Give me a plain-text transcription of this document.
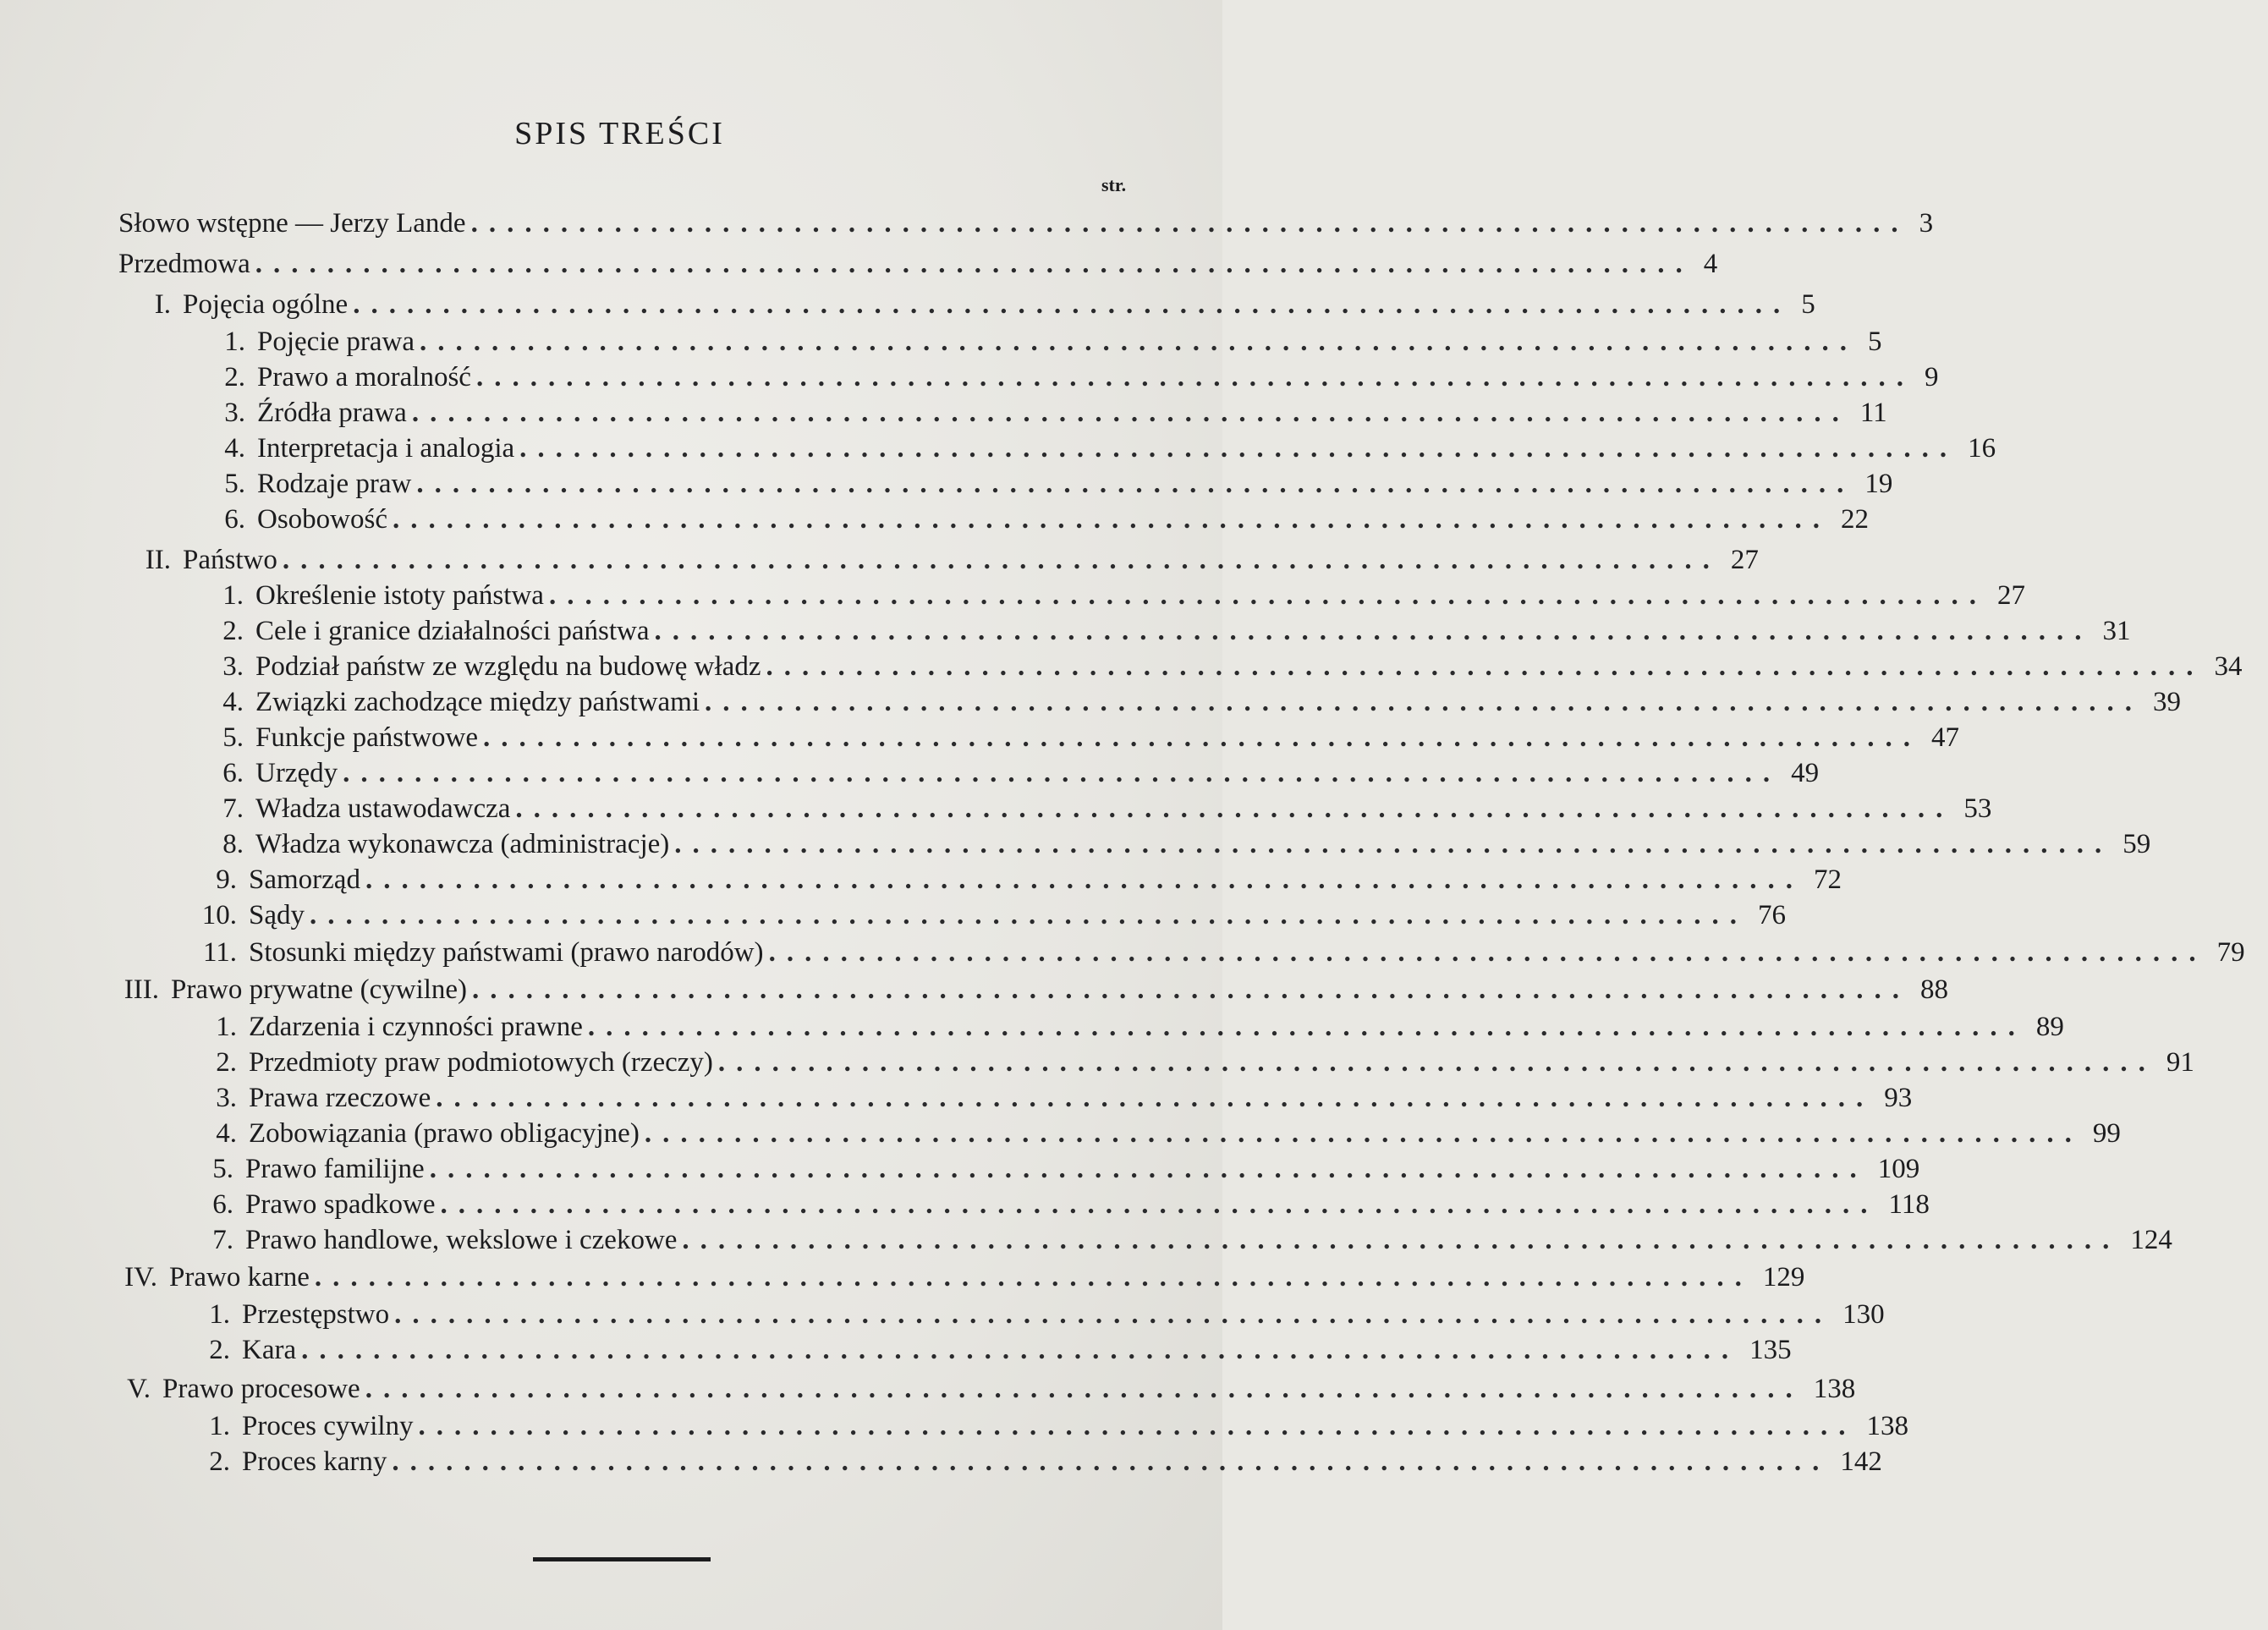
SPIS TREŚCI
str.
Słowo wstępne — Jerzy Lande ................................................................................ 3
Przedmowa ................................................................................ 4
I. Pojęcia ogólne ................................................................................ 5
1. Pojęcie prawa ................................................................................ 5
2. Prawo a moralność ................................................................................ 9
3. Źródła prawa ................................................................................ 11
4. Interpretacja i analogia ................................................................................ 16
5. Rodzaje praw ................................................................................ 19
6. Osobowość ................................................................................ 22
II. Państwo ................................................................................ 27
1. Określenie istoty państwa ................................................................................ 27
2. Cele i granice działalności państwa ................................................................................ 31
3. Podział państw ze względu na budowę władz ................................................................................ 34
4. Związki zachodzące między państwami ................................................................................ 39
5. Funkcje państwowe ................................................................................ 47
6. Urzędy ................................................................................ 49
7. Władza ustawodawcza ................................................................................ 53
8. Władza wykonawcza (administracje) ................................................................................ 59
9. Samorząd ................................................................................ 72
10. Sądy ................................................................................ 76
11. Stosunki między państwami (prawo narodów) ................................................................................ 79
III. Prawo prywatne (cywilne) ................................................................................ 88
1. Zdarzenia i czynności prawne ................................................................................ 89
2. Przedmioty praw podmiotowych (rzeczy) ................................................................................ 91
3. Prawa rzeczowe ................................................................................ 93
4. Zobowiązania (prawo obligacyjne) ................................................................................ 99
5. Prawo familijne ................................................................................ 109
6. Prawo spadkowe ................................................................................ 118
7. Prawo handlowe, wekslowe i czekowe ................................................................................ 124
IV. Prawo karne ................................................................................ 129
1. Przestępstwo ................................................................................ 130
2. Kara ................................................................................ 135
V. Prawo procesowe ................................................................................ 138
1. Proces cywilny ................................................................................ 138
2. Proces karny ................................................................................ 142
